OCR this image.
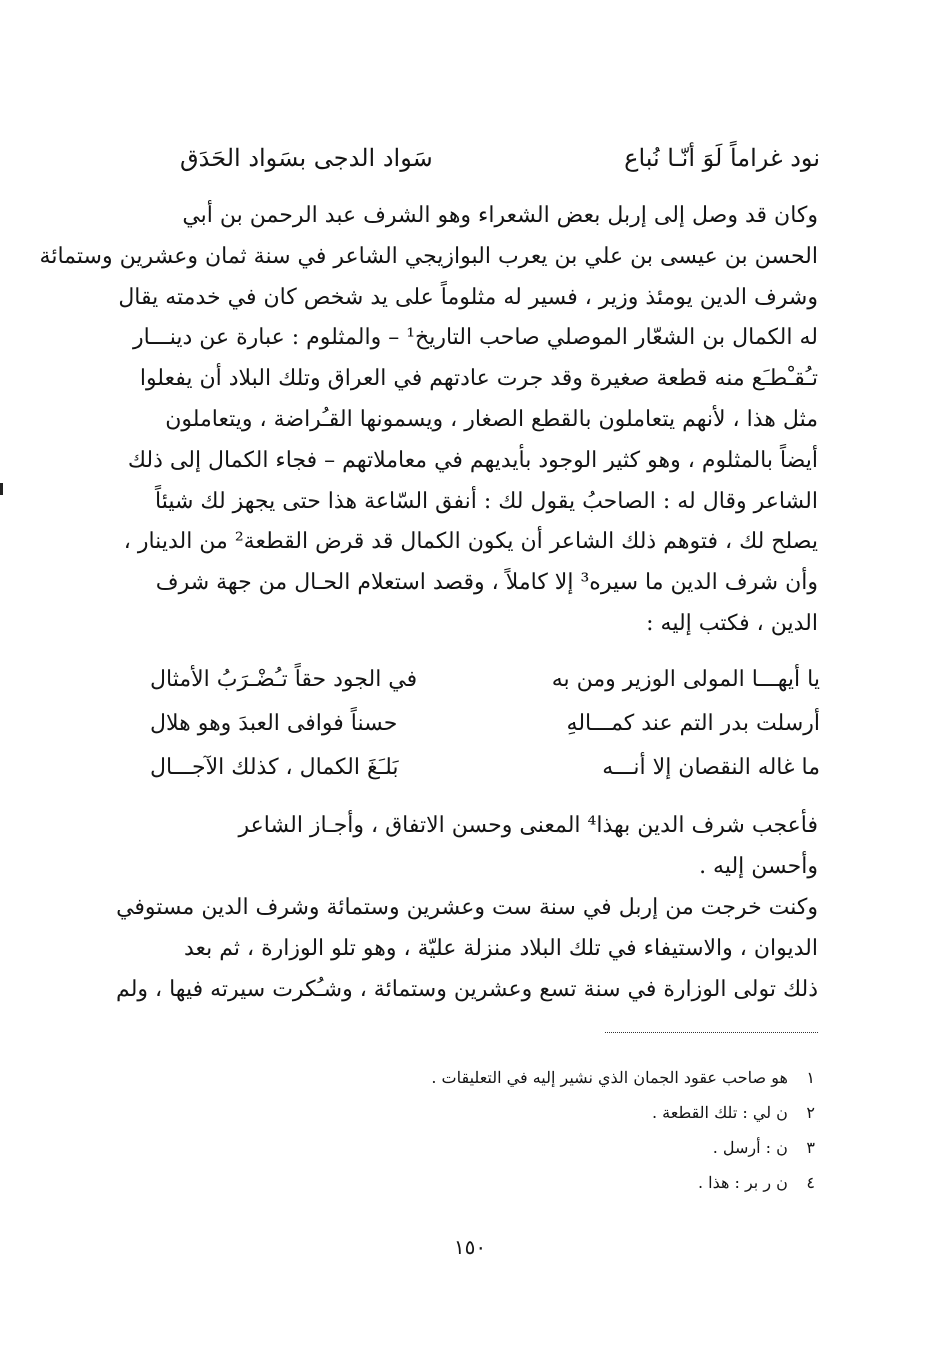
نود غراماً لَوَ أنّـا نُباع
سَواد الدجى بسَواد الحَدَق
وكان قد وصل إلى إربل بعض الشعراء وهو الشرف عبد الرحمن بن أبي
الحسن بن عيسى بن علي بن يعرب البوازيجي الشاعر في سنة ثمان وعشرين وستمائة
وشرف الدين يومئذ وزير ، فسير له مثلوماً على يد شخص كان في خدمته يقال
له الكمال بن الشعّار الموصلي صاحب التاريخ¹ – والمثلوم : عبارة عن دينـــار
تـُقـْطـَع منه قطعة صغيرة وقد جرت عادتهم في العراق وتلك البلاد أن يفعلوا
مثل هذا ، لأنهم يتعاملون بالقطع الصغار ، ويسمونها القـُراضة ، ويتعاملون
أيضاً بالمثلوم ، وهو كثير الوجود بأيديهم في معاملاتهم – فجاء الكمال إلى ذلك
الشاعر وقال له : الصاحبُ يقول لك : أنفق السّاعة هذا حتى يجهز لك شيئاً
يصلح لك ، فتوهم ذلك الشاعر أن يكون الكمال قد قرض القطعة² من الدينار ،
وأن شرف الدين ما سيره³ إلا كاملاً ، وقصد استعلام الحـال من جهة شرف
الدين ، فكتب إليه :
يا أيهـــا المولى الوزير ومن به
في الجود حقاً تـُضْـرَبُ الأمثال
أرسلت بدر التم عند كمـــالهِ
حسناً فوافى العبدَ وهو هلال
ما غاله النقصان إلا أنـــه
بَلـَغَ الكمال ، كذلك الآجـــال
فأعجب شرف الدين بهذا⁴ المعنى وحسن الاتفاق ، وأجـاز الشاعر
وأحسن إليه .
وكنت خرجت من إربل في سنة ست وعشرين وستمائة وشرف الدين مستوفي
الديوان ، والاستيفاء في تلك البلاد منزلة عليّة ، وهو تلو الوزارة ، ثم بعد
ذلك تولى الوزارة في سنة تسع وعشرين وستمائة ، وشـُكرت سيرته فيها ، ولم
١ هو صاحب عقود الجمان الذي نشير إليه في التعليقات .
٢ ن لي : تلك القطعة .
٣ ن : أرسل .
٤ ن ر بر : هذا .
١٥٠
